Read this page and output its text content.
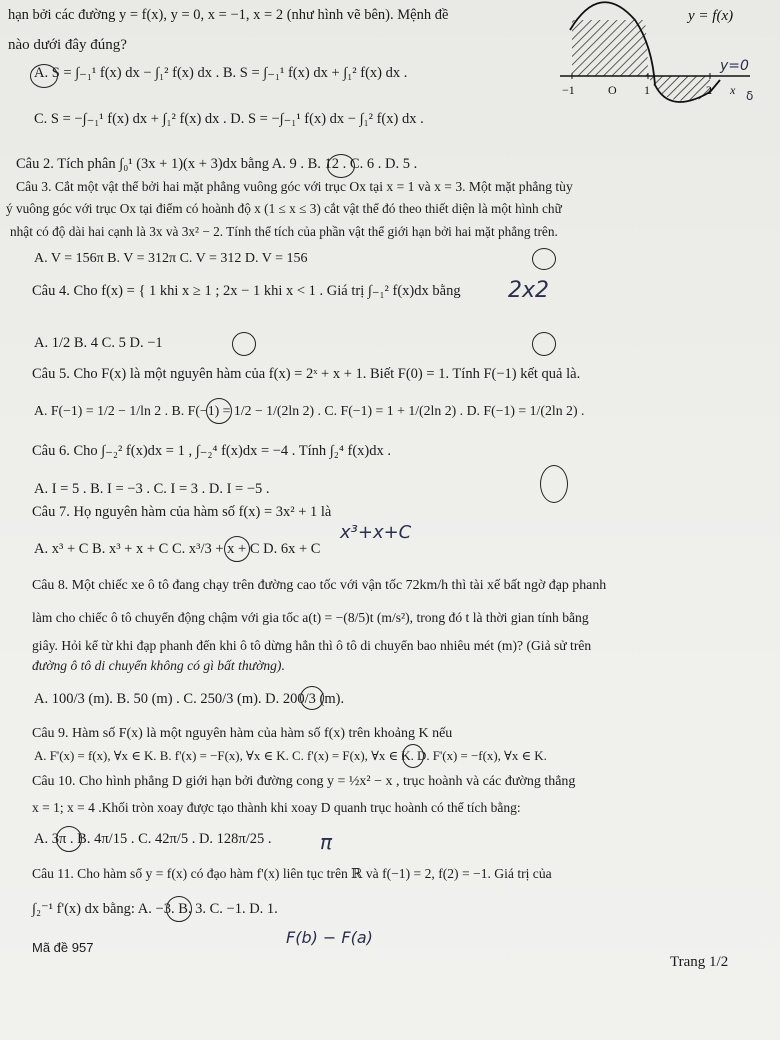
hạn bởi các đường y = f(x), y = 0, x = −1, x = 2 (như hình vẽ bên). Mệnh đề
nào dưới đây đúng?
A. S = ∫₋₁¹ f(x) dx − ∫₁² f(x) dx . B. S = ∫₋₁¹ f(x) dx + ∫₁² f(x) dx .
C. S = −∫₋₁¹ f(x) dx + ∫₁² f(x) dx . D. S = −∫₋₁¹ f(x) dx − ∫₁² f(x) dx .
Câu 2. Tích phân ∫₀¹ (3x + 1)(x + 3)dx bằng A. 9 . B. 12 . C. 6 . D. 5 .
Câu 3. Cắt một vật thể bởi hai mặt phẳng vuông góc với trục Ox tại x = 1 và x = 3. Một mặt phẳng tùy
ý vuông góc với trục Ox tại điểm có hoành độ x (1 ≤ x ≤ 3) cắt vật thể đó theo thiết diện là một hình chữ
nhật có độ dài hai cạnh là 3x và 3x² − 2. Tính thể tích của phần vật thể giới hạn bởi hai mặt phẳng trên.
A. V = 156π B. V = 312π C. V = 312 D. V = 156
Câu 4. Cho f(x) = { 1 khi x ≥ 1 ; 2x − 1 khi x < 1 . Giá trị ∫₋₁² f(x)dx bằng
A. 1/2 B. 4 C. 5 D. −1
Câu 5. Cho F(x) là một nguyên hàm của f(x) = 2ˣ + x + 1. Biết F(0) = 1. Tính F(−1) kết quả là.
A. F(−1) = 1/2 − 1/ln 2 . B. F(−1) = 1/2 − 1/(2ln 2) . C. F(−1) = 1 + 1/(2ln 2) . D. F(−1) = 1/(2ln 2) .
Câu 6. Cho ∫₋₂² f(x)dx = 1 , ∫₋₂⁴ f(x)dx = −4 . Tính ∫₂⁴ f(x)dx .
A. I = 5 . B. I = −3 . C. I = 3 . D. I = −5 .
Câu 7. Họ nguyên hàm của hàm số f(x) = 3x² + 1 là
A. x³ + C B. x³ + x + C C. x³/3 + x + C D. 6x + C
Câu 8. Một chiếc xe ô tô đang chạy trên đường cao tốc với vận tốc 72km/h thì tài xế bất ngờ đạp phanh
làm cho chiếc ô tô chuyển động chậm với gia tốc a(t) = −(8/5)t (m/s²), trong đó t là thời gian tính bằng
giây. Hỏi kể từ khi đạp phanh đến khi ô tô dừng hẳn thì ô tô di chuyển bao nhiêu mét (m)? (Giả sử trên
đường ô tô di chuyển không có gì bất thường).
A. 100/3 (m). B. 50 (m) . C. 250/3 (m). D. 200/3 (m).
Câu 9. Hàm số F(x) là một nguyên hàm của hàm số f(x) trên khoảng K nếu
A. F'(x) = f(x), ∀x ∈ K. B. f'(x) = −F(x), ∀x ∈ K. C. f'(x) = F(x), ∀x ∈ K. D. F'(x) = −f(x), ∀x ∈ K.
Câu 10. Cho hình phẳng D giới hạn bởi đường cong y = ½x² − x , trục hoành và các đường thẳng
x = 1; x = 4 .Khối tròn xoay được tạo thành khi xoay D quanh trục hoành có thể tích bằng:
A. 3π . B. 4π/15 . C. 42π/5 . D. 128π/25 .
Câu 11. Cho hàm số y = f(x) có đạo hàm f'(x) liên tục trên ℝ và f(−1) = 2, f(2) = −1. Giá trị của
∫₂⁻¹ f'(x) dx bằng: A. −3. B. 3. C. −1. D. 1.
y = f(x)
−1	O 1	2 x
y=0
δ
2x2
x³+x+C
π
F(b) − F(a)
Mã đề 957
Trang 1/2
